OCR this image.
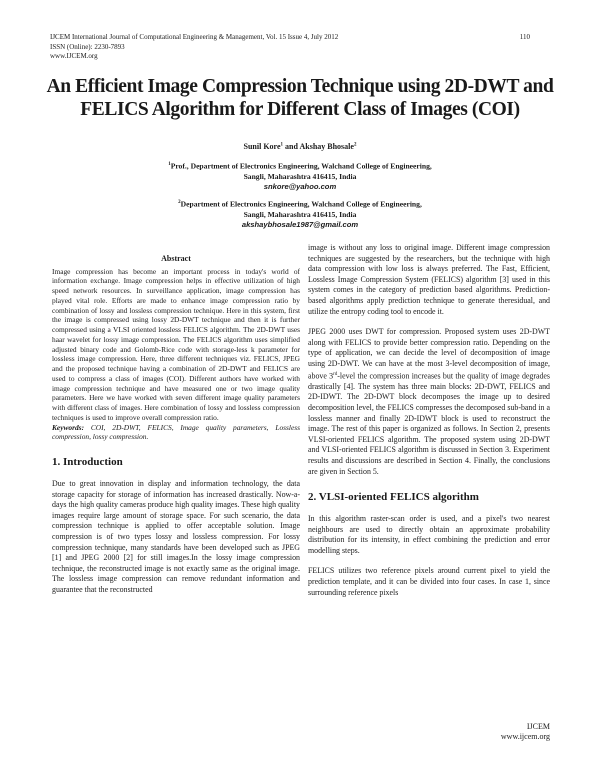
IJCEM International Journal of Computational Engineering & Management, Vol. 15 Issue 4, July 2012
ISSN (Online): 2230-7893
www.IJCEM.org
110
An Efficient Image Compression Technique using 2D-DWT and
FELICS Algorithm for Different Class of Images (COI)
Sunil Kore$^1$ and Akshay Bhosale$^2$
$^1$Prof., Department of Electronics Engineering, Walchand College of Engineering,
Sangli, Maharashtra 416415, India
snkore@yahoo.com
$^2$Department of Electronics Engineering, Walchand College of Engineering,
Sangli, Maharashtra 416415, India
akshaybhosale1987@gmail.com
Abstract

Image compression has become an important process in today's world of information exchange. Image compression helps in effective utilization of high speed network resources. In surveillance application, image compression has played vital role. Efforts are made to enhance image compression ratio by combination of lossy and lossless compression technique. Here in this system, first the image is compressed using lossy 2D-DWT technique and then it is further compressed using a VLSI oriented lossless FELICS algorithm. The 2D-DWT uses haar wavelet for lossy image compression. The FELICS algorithm uses simplified adjusted binary code and Golomb-Rice code with storage-less k parameter for lossless image compression. Here, three different techniques viz. FELICS, JPEG and the proposed technique having a combination of 2D-DWT and FELICS are used to compress a class of images (COI). Different authors have worked with image compression technique and have measured one or two image quality parameters. Here we have worked with seven different image quality parameters with different class of images. Here combination of lossy and lossless compression techniques is used to improve overall compression ratio.

Keywords: COI, 2D-DWT, FELICS, Image quality parameters, Lossless compression, lossy compression.

1. Introduction

Due to great innovation in display and information technology, the data storage capacity for storage of information has increased drastically. Now-a-days the high quality cameras produce high quality images. These high quality images require large amount of storage space. For such scenario, the data compression technique is applied to offer acceptable solution. Image compression is of two types lossy and lossless compression. For lossy compression technique, many standards have been developed such as JPEG [1] and JPEG 2000 [2] for still images.In the lossy image compression technique, the reconstructed image is not exactly same as the original image. The lossless image compression can remove redundant information and guarantee that the reconstructed

image is without any loss to original image. Different image compression techniques are suggested by the researchers, but the technique with high data compression with low loss is always preferred. The Fast, Efficient, Lossless Image Compression System (FELICS) algorithm [3] used in this system comes in the category of prediction based algorithms. Prediction-based algorithms apply prediction technique to generate theresidual, and utilize the entropy coding tool to encode it.

JPEG 2000 uses DWT for compression. Proposed system uses 2D-DWT along with FELICS to provide better compression ratio. Depending on the type of application, we can decide the level of decomposition of image using 2D-DWT. We can have at the most 3-level decomposition of image, above 3rd-level the compression increases but the quality of image degrades drastically [4]. The system has three main blocks: 2D-DWT, FELICS and 2D-IDWT. The 2D-DWT block decomposes the image up to desired decomposition level, the FELICS compresses the decomposed sub-band in a lossless manner and finally 2D-IDWT block is used to reconstruct the image. The rest of this paper is organized as follows. In Section 2, presents VLSI-oriented FELICS algorithm. The proposed system using 2D-DWT and VLSI-oriented FELICS algorithm is discussed in Section 3. Experiment results and discussions are described in Section 4. Finally, the conclusions are given in Section 5.

2. VLSI-oriented FELICS algorithm

In this algorithm raster-scan order is used, and a pixel's two nearest neighbours are used to directly obtain an approximate probability distribution for its intensity, in effect combining the prediction and error modelling steps.

FELICS utilizes two reference pixels around current pixel to yield the prediction template, and it can be divided into four cases. In case 1, since surrounding reference pixels

IJCEM
www.ijcem.org
